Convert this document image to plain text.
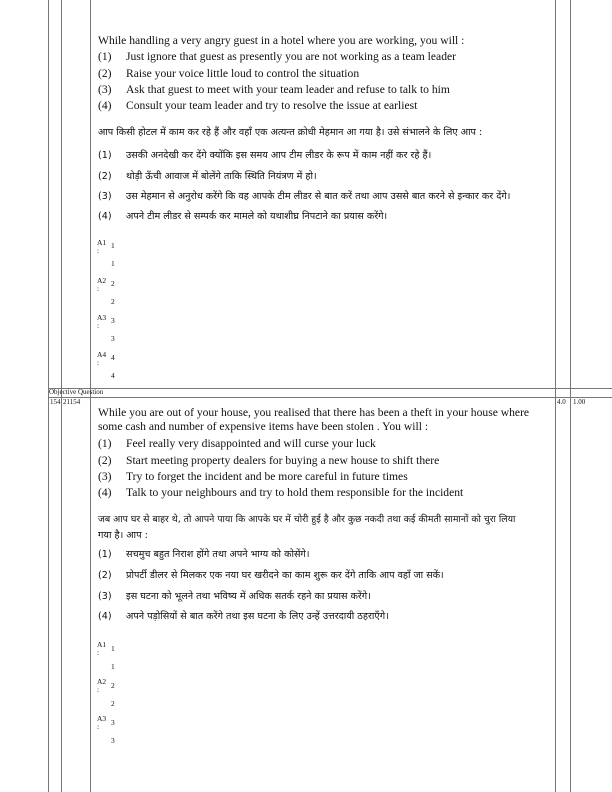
While handling a very angry guest in a hotel where you are working, you will :
(1) Just ignore that guest as presently you are not working as a team leader
(2) Raise your voice little loud to control the situation
(3) Ask that guest to meet with your team leader and refuse to talk to him
(4) Consult your team leader and try to resolve the issue at earliest
आप किसी होटल में काम कर रहे हैं और वहाँ एक अत्यन्त क्रोधी मेहमान आ गया है। उसे संभालने के लिए आप :
(1) उसकी अनदेखी कर देंगे क्योंकि इस समय आप टीम लीडर के रूप में काम नहीं कर रहे हैं।
(2) थोड़ी ऊँची आवाज में बोलेंगे ताकि स्थिति नियंत्रण में हो।
(3) उस मेहमान से अनुरोध करेंगे कि वह आपके टीम लीडर से बात करें तथा आप उससे बात करने से इन्कार कर देंगे।
(4) अपने टीम लीडर से सम्पर्क कर मामले को यथाशीघ्र निपटाने का प्रयास करेंगे।
A1
:
1
1
A2
:
2
2
A3
:
3
3
A4
:
4
4
Objective Question
154 21154	4.0 1.00
While you are out of your house, you realised that there has been a theft in your house where
some cash and number of expensive items have been stolen . You will :
(1) Feel really very disappointed and will curse your luck
(2) Start meeting property dealers for buying a new house to shift there
(3) Try to forget the incident and be more careful in future times
(4) Talk to your neighbours and try to hold them responsible for the incident
जब आप घर से बाहर थे, तो आपने पाया कि आपके घर में चोरी हुई है और कुछ नकदी तथा कई कीमती सामानों को चुरा लिया
गया है। आप :
(1) सचमुच बहुत निराश होंगे तथा अपने भाग्य को कोसेंगे।
(2) प्रोपर्टी डीलर से मिलकर एक नया घर खरीदने का काम शुरू कर देंगे ताकि आप वहाँ जा सकें।
(3) इस घटना को भूलने तथा भविष्य में अधिक सतर्क रहने का प्रयास करेंगे।
(4) अपने पड़ोसियों से बात करेंगे तथा इस घटना के लिए उन्हें उत्तरदायी ठहराएँगे।
A1
: 1
1
A2
: 2
2
A3
: 3
3
